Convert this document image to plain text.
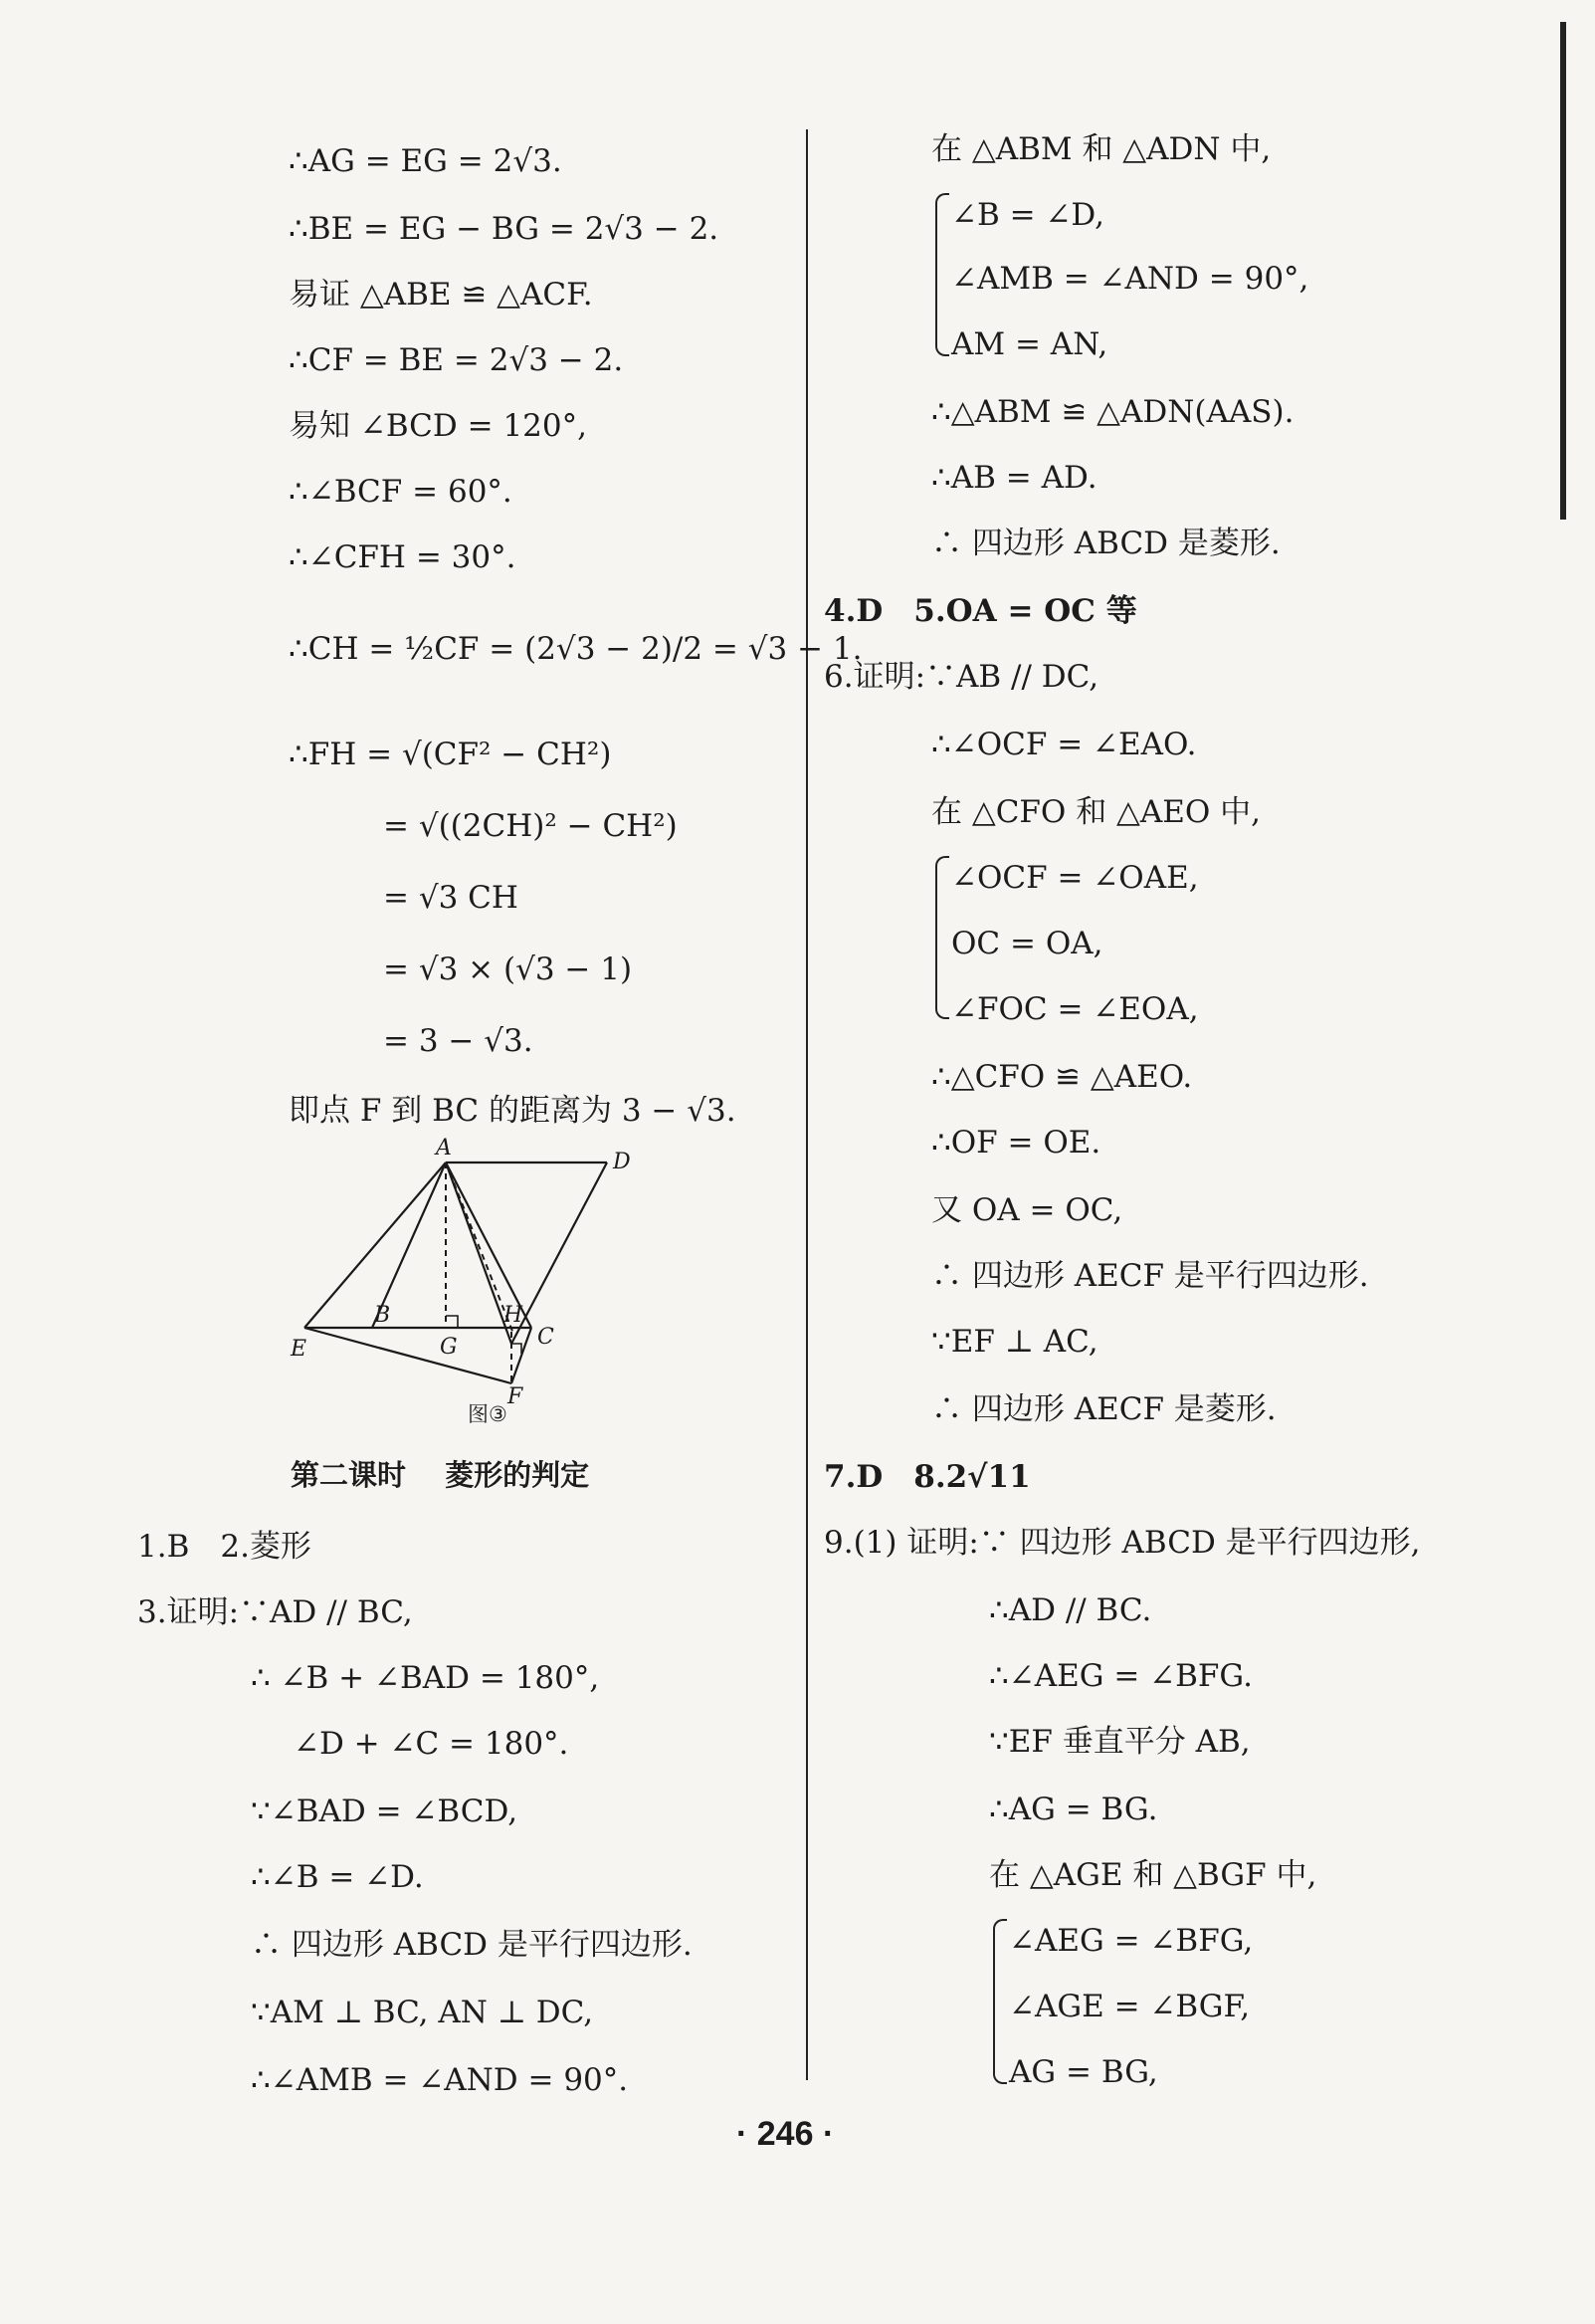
∴AG = EG = 2√3.
∴BE = EG − BG = 2√3 − 2.
易证 △ABE ≌ △ACF.
∴CF = BE = 2√3 − 2.
易知 ∠BCD = 120°,
∴∠BCF = 60°.
∴∠CFH = 30°.
∴CH = ½CF = (2√3 − 2)/2 = √3 − 1.
∴FH = √(CF² − CH²)
= √((2CH)² − CH²)
= √3 CH
= √3 × (√3 − 1)
= 3 − √3.
即点 F 到 BC 的距离为 3 − √3.
A
D
B
G
H
C
E
F
图③
第二课时　 菱形的判定
1.B　2.菱形
3.证明:∵AD // BC,
∴ ∠B + ∠BAD = 180°,
∠D + ∠C = 180°.
∵∠BAD = ∠BCD,
∴∠B = ∠D.
∴ 四边形 ABCD 是平行四边形.
∵AM ⊥ BC, AN ⊥ DC,
∴∠AMB = ∠AND = 90°.
在 △ABM 和 △ADN 中,
∠B = ∠D,
∠AMB = ∠AND = 90°,
AM = AN,
∴△ABM ≌ △ADN(AAS).
∴AB = AD.
∴ 四边形 ABCD 是菱形.
4.D　5.OA = OC 等
6.证明:∵AB // DC,
∴∠OCF = ∠EAO.
在 △CFO 和 △AEO 中,
∠OCF = ∠OAE,
OC = OA,
∠FOC = ∠EOA,
∴△CFO ≌ △AEO.
∴OF = OE.
又 OA = OC,
∴ 四边形 AECF 是平行四边形.
∵EF ⊥ AC,
∴ 四边形 AECF 是菱形.
7.D　8.2√11
9.(1) 证明:∵ 四边形 ABCD 是平行四边形,
∴AD // BC.
∴∠AEG = ∠BFG.
∵EF 垂直平分 AB,
∴AG = BG.
在 △AGE 和 △BGF 中,
∠AEG = ∠BFG,
∠AGE = ∠BGF,
AG = BG,
· 246 ·
